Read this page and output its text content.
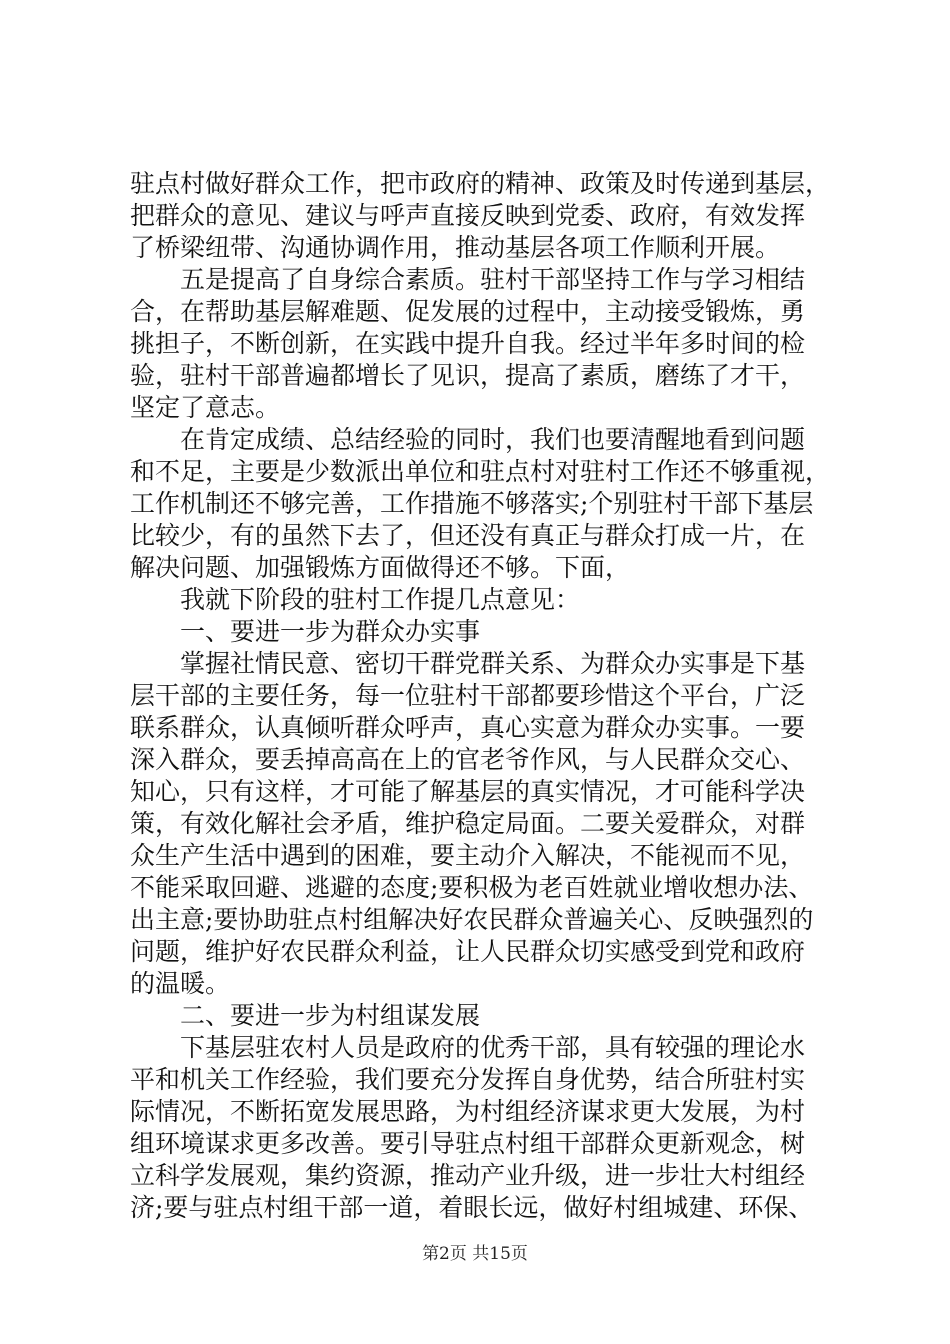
驻点村做好群众工作，把市政府的精神、政策及时传递到基层，
把群众的意见、建议与呼声直接反映到党委、政府，有效发挥
了桥梁纽带、沟通协调作用，推动基层各项工作顺利开展。
五是提高了自身综合素质。驻村干部坚持工作与学习相结
合，在帮助基层解难题、促发展的过程中，主动接受锻炼，勇
挑担子，不断创新，在实践中提升自我。经过半年多时间的检
验，驻村干部普遍都增长了见识，提高了素质，磨练了才干，
坚定了意志。
在肯定成绩、总结经验的同时，我们也要清醒地看到问题
和不足，主要是少数派出单位和驻点村对驻村工作还不够重视，
工作机制还不够完善，工作措施不够落实;个别驻村干部下基层
比较少，有的虽然下去了，但还没有真正与群众打成一片，在
解决问题、加强锻炼方面做得还不够。下面，
我就下阶段的驻村工作提几点意见：
一、要进一步为群众办实事
掌握社情民意、密切干群党群关系、为群众办实事是下基
层干部的主要任务，每一位驻村干部都要珍惜这个平台，广泛
联系群众，认真倾听群众呼声，真心实意为群众办实事。一要
深入群众，要丢掉高高在上的官老爷作风，与人民群众交心、
知心，只有这样，才可能了解基层的真实情况，才可能科学决
策，有效化解社会矛盾，维护稳定局面。二要关爱群众，对群
众生产生活中遇到的困难，要主动介入解决，不能视而不见，
不能采取回避、逃避的态度;要积极为老百姓就业增收想办法、
出主意;要协助驻点村组解决好农民群众普遍关心、反映强烈的
问题，维护好农民群众利益，让人民群众切实感受到党和政府
的温暖。
二、要进一步为村组谋发展
下基层驻农村人员是政府的优秀干部，具有较强的理论水
平和机关工作经验，我们要充分发挥自身优势，结合所驻村实
际情况，不断拓宽发展思路，为村组经济谋求更大发展，为村
组环境谋求更多改善。要引导驻点村组干部群众更新观念，树
立科学发展观，集约资源，推动产业升级，进一步壮大村组经
济;要与驻点村组干部一道，着眼长远，做好村组城建、环保、
第2页 共15页
